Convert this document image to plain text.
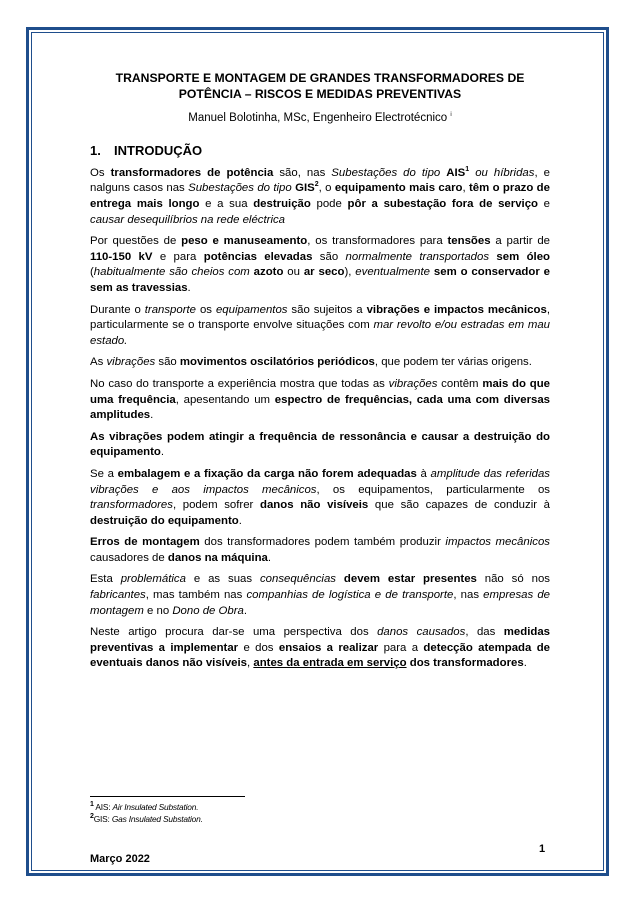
TRANSPORTE E MONTAGEM DE GRANDES TRANSFORMADORES DE
POTÊNCIA – RISCOS E MEDIDAS PREVENTIVAS
Manuel Bolotinha, MSc, Engenheiro Electrotécnico $^i$
1. INTRODUÇÃO

Os transformadores de potência são, nas Subestações do tipo AIS$^1$ ou híbridas, e nalguns casos nas Subestações do tipo GIS$^2$, o equipamento mais caro, têm o prazo de entrega mais longo e a sua destruição pode pôr a subestação fora de serviço e causar desequilíbrios na rede eléctrica

Por questões de peso e manuseamento, os transformadores para tensões a partir de 110-150 kV e para potências elevadas são normalmente transportados sem óleo (habitualmente são cheios com azoto ou ar seco), eventualmente sem o conservador e sem as travessias.

Durante o transporte os equipamentos são sujeitos a vibrações e impactos mecânicos, particularmente se o transporte envolve situações com mar revolto e/ou estradas em mau estado.

As vibrações são movimentos oscilatórios periódicos, que podem ter várias origens.

No caso do transporte a experiência mostra que todas as vibrações contêm mais do que uma frequência, apesentando um espectro de frequências, cada uma com diversas amplitudes.

As vibrações podem atingir a frequência de ressonância e causar a destruição do equipamento.

Se a embalagem e a fixação da carga não forem adequadas à amplitude das referidas vibrações e aos impactos mecânicos, os equipamentos, particularmente os transformadores, podem sofrer danos não visíveis que são capazes de conduzir à destruição do equipamento.

Erros de montagem dos transformadores podem também produzir impactos mecânicos causadores de danos na máquina.

Esta problemática e as suas consequências devem estar presentes não só nos fabricantes, mas também nas companhias de logística e de transporte, nas empresas de montagem e no Dono de Obra.

Neste artigo procura dar-se uma perspectiva dos danos causados, das medidas preventivas a implementar e dos ensaios a realizar para a detecção atempada de eventuais danos não visíveis, antes da entrada em serviço dos transformadores.

$^1$ AIS: Air Insulated Substation.
$^2$GIS: Gas Insulated Substation.
1
Março 2022
